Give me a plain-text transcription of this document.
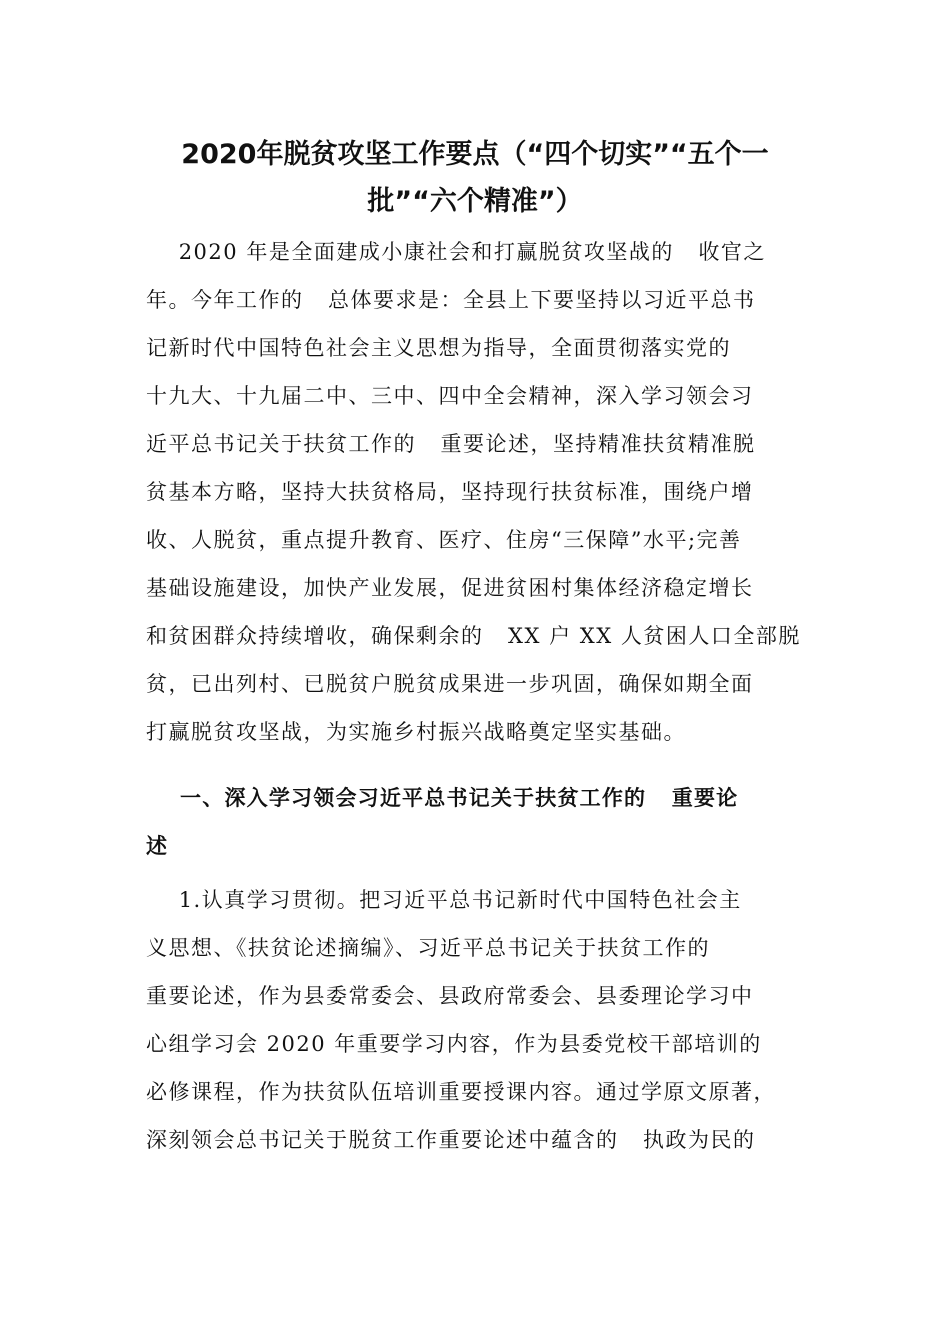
2020年脱贫攻坚工作要点（“四个切实”“五个一
批”“六个精准”）

2020 年是全面建成小康社会和打赢脱贫攻坚战的   收官之

年。今年工作的   总体要求是：全县上下要坚持以习近平总书

记新时代中国特色社会主义思想为指导，全面贯彻落实党的

十九大、十九届二中、三中、四中全会精神，深入学习领会习

近平总书记关于扶贫工作的   重要论述，坚持精准扶贫精准脱

贫基本方略，坚持大扶贫格局，坚持现行扶贫标准，围绕户增

收、人脱贫，重点提升教育、医疗、住房“三保障”水平;完善

基础设施建设，加快产业发展，促进贫困村集体经济稳定增长

和贫困群众持续增收，确保剩余的   XX 户 XX 人贫困人口全部脱

贫，已出列村、已脱贫户脱贫成果进一步巩固，确保如期全面

打赢脱贫攻坚战，为实施乡村振兴战略奠定坚实基础。

一、深入学习领会习近平总书记关于扶贫工作的   重要论

述

1.认真学习贯彻。把习近平总书记新时代中国特色社会主

义思想、《扶贫论述摘编》、习近平总书记关于扶贫工作的

重要论述，作为县委常委会、县政府常委会、县委理论学习中

心组学习会 2020 年重要学习内容，作为县委党校干部培训的

必修课程，作为扶贫队伍培训重要授课内容。通过学原文原著，

深刻领会总书记关于脱贫工作重要论述中蕴含的   执政为民的
